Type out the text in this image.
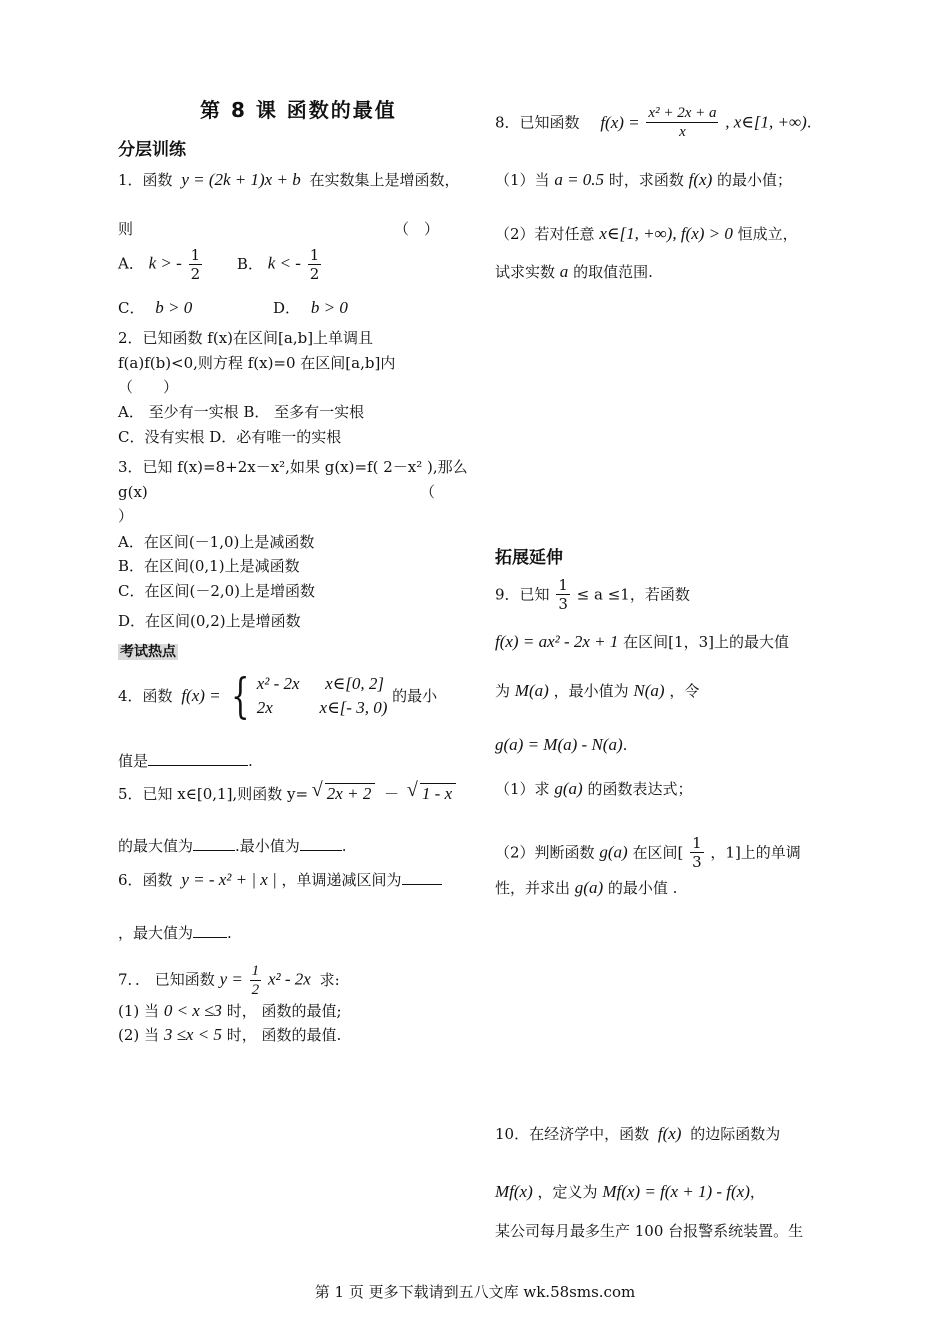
第 8 课 函数的最值
分层训练
1．函数 y = (2k + 1)x + b 在实数集上是增函数，
则	（　）
A． k > - $\frac{1}{2}$ B． k < - $\frac{1}{2}$
C． b > 0	D． b > 0
2．已知函数 f(x)在区间[a,b]上单调且
f(a)f(b)<0,则方程 f(x)=0 在区间[a,b]内
（　　）
A． 至少有一实根 B． 至多有一实根
C．没有实根 D．必有唯一的实根
3．已知 f(x)=8+2x－x²,如果 g(x)=f( 2－x² ),那么
g(x)	（
）
A．在区间(－1,0)上是减函数
B．在区间(0,1)上是减函数
C．在区间(－2,0)上是增函数
D．在区间(0,2)上是增函数
考试热点
4．函数 f(x) = { x² - 2x      x∈[0, 2]
2x           x∈[- 3, 0)
的最小
值是	.
5．已知 x∈[0,1],则函数 y= √ 2x + 2 － √ 1 - x
的最大值为	.最小值为	.
6．函数 y = - x² + | x | ，单调递减区间为
，最大值为 .
7．． 已知函数 $y = \frac{1}{2} x^2 - 2x$ 求:
(1) 当 0 < x ≤3 时， 函数的最值;
(2) 当 3 ≤x < 5 时， 函数的最值.
8．已知函数 $f(x) = \frac{\text{x² + 2x + a}}{x}$ , x∈[1, +∞).
（1）当 a = 0.5 时，求函数 f(x) 的最小值；
（2）若对任意 x∈[1, +∞), f(x) > 0 恒成立，
试求实数 a 的取值范围.
拓展延伸
9．已知 $\frac{1}{3} \le a \le 1$，若函数
f(x) = ax² - 2x + 1 在区间[1，3]上的最大值
为 M(a) ，最小值为 N(a) ，令
g(a) = M(a) - N(a).
（1）求 g(a) 的函数表达式；
（2）判断函数 g(a) 在区间[ $\frac{1}{3}$ ，1]上的单调
性，并求出 g(a) 的最小值 .
10．在经济学中，函数 f(x) 的边际函数为
Mf(x) ，定义为 Mf(x) = f(x + 1) - f(x)，
某公司每月最多生产 100 台报警系统装置。生
第 1 页 更多下载请到五八文库 wk.58sms.com
